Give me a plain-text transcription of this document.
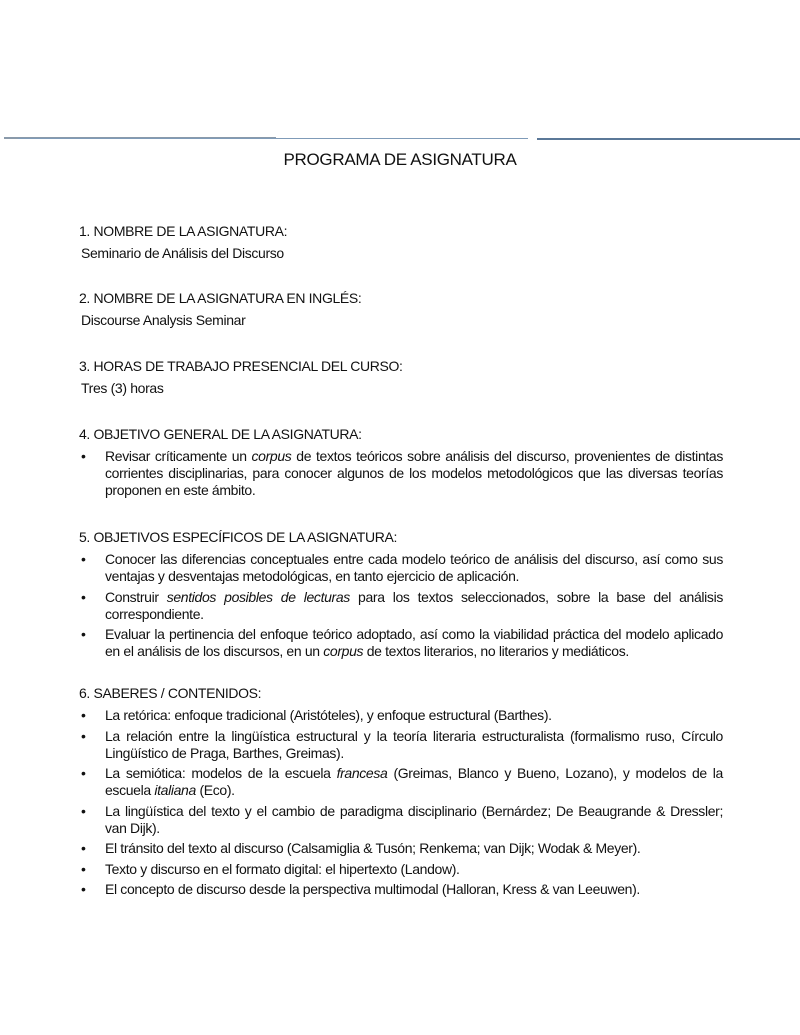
PROGRAMA DE ASIGNATURA

1. NOMBRE DE LA ASIGNATURA:

Seminario de Análisis del Discurso

2. NOMBRE DE LA ASIGNATURA EN INGLÉS:

Discourse Analysis Seminar

3. HORAS DE TRABAJO PRESENCIAL DEL CURSO:

Tres (3) horas

4. OBJETIVO GENERAL DE LA ASIGNATURA:

• Revisar críticamente un corpus de textos teóricos sobre análisis del discurso, provenientes de distintas corrientes disciplinarias, para conocer algunos de los modelos metodológicos que las diversas teorías proponen en este ámbito.

5. OBJETIVOS ESPECÍFICOS DE LA ASIGNATURA:

• Conocer las diferencias conceptuales entre cada modelo teórico de análisis del discurso, así como sus ventajas y desventajas metodológicas, en tanto ejercicio de aplicación.
• Construir sentidos posibles de lecturas para los textos seleccionados, sobre la base del análisis correspondiente.
• Evaluar la pertinencia del enfoque teórico adoptado, así como la viabilidad práctica del modelo aplicado en el análisis de los discursos, en un corpus de textos literarios, no literarios y mediáticos.

6. SABERES / CONTENIDOS:

• La retórica: enfoque tradicional (Aristóteles), y enfoque estructural (Barthes).
• La relación entre la lingüística estructural y la teoría literaria estructuralista (formalismo ruso, Círculo Lingüístico de Praga, Barthes, Greimas).
• La semiótica: modelos de la escuela francesa (Greimas, Blanco y Bueno, Lozano), y modelos de la escuela italiana (Eco).
• La lingüística del texto y el cambio de paradigma disciplinario (Bernárdez; De Beaugrande & Dressler; van Dijk).
• El tránsito del texto al discurso (Calsamiglia & Tusón; Renkema; van Dijk; Wodak & Meyer).
• Texto y discurso en el formato digital: el hipertexto (Landow).
• El concepto de discurso desde la perspectiva multimodal (Halloran, Kress & van Leeuwen).
